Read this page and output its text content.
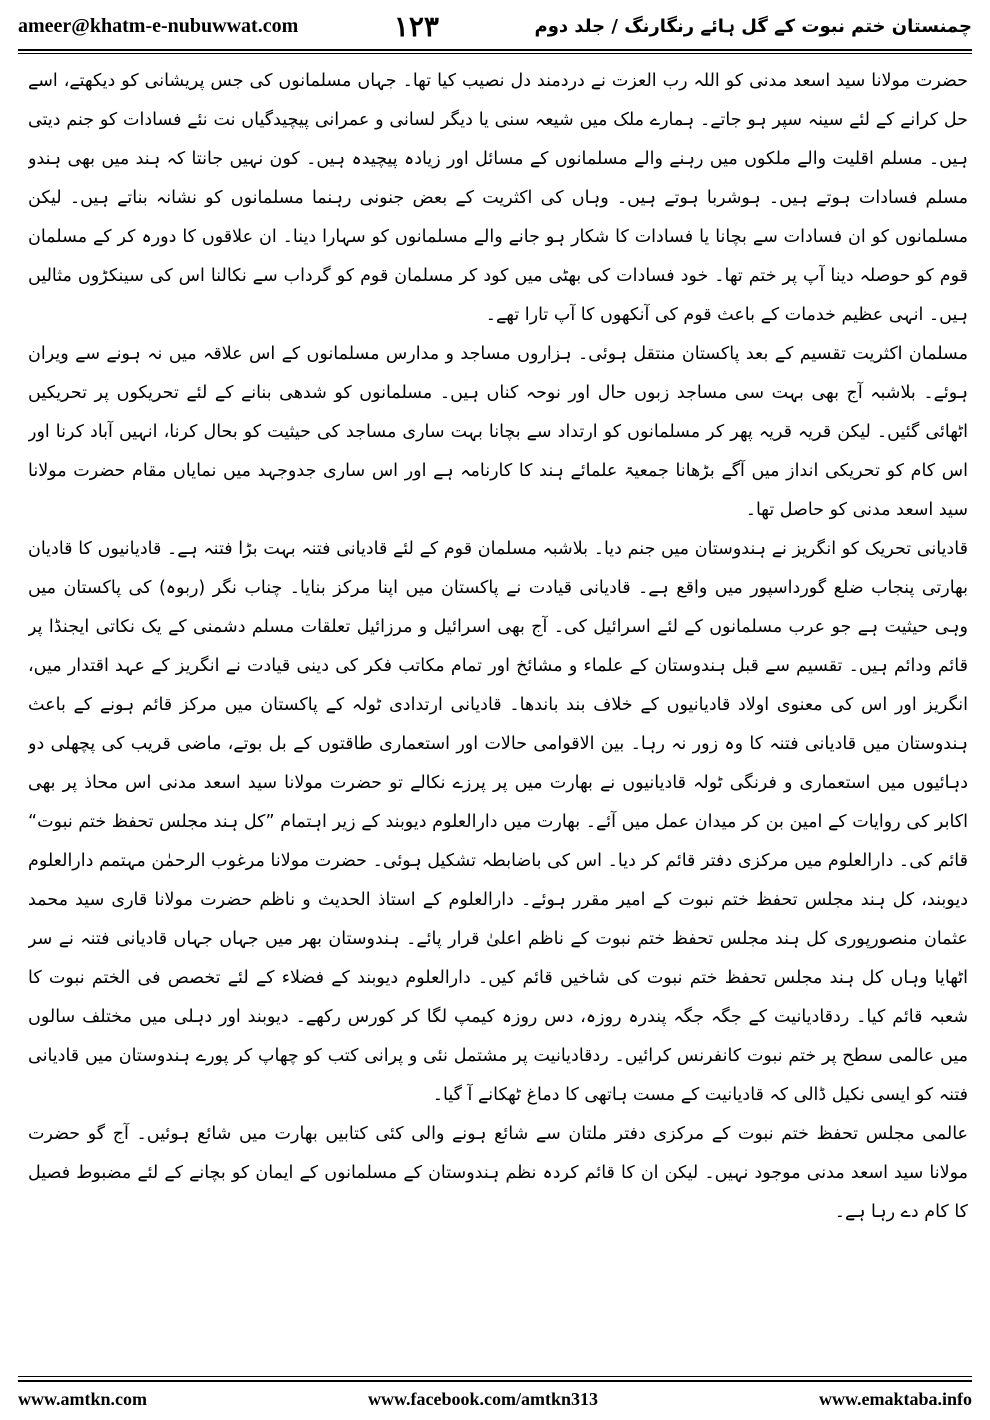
ameer@khatm-e-nubuwwat.com	۱۲۳	چمنستان ختم نبوت کے گل ہائے رنگارنگ / جلد دوم

حضرت مولانا سید اسعد مدنی کو اللہ رب العزت نے دردمند دل نصیب کیا تھا۔ جہاں مسلمانوں کی جس پریشانی کو دیکھتے، اسے حل کرانے کے لئے سینہ سپر ہو جاتے۔ ہمارے ملک میں شیعہ سنی یا دیگر لسانی و عمرانی پیچیدگیاں نت نئے فسادات کو جنم دیتی ہیں۔ مسلم اقلیت والے ملکوں میں رہنے والے مسلمانوں کے مسائل اور زیادہ پیچیدہ ہیں۔ کون نہیں جانتا کہ ہند میں بھی ہندو مسلم فسادات ہوتے ہیں۔ ہوشربا ہوتے ہیں۔ وہاں کی اکثریت کے بعض جنونی رہنما مسلمانوں کو نشانہ بناتے ہیں۔ لیکن مسلمانوں کو ان فسادات سے بچانا یا فسادات کا شکار ہو جانے والے مسلمانوں کو سہارا دینا۔ ان علاقوں کا دورہ کر کے مسلمان قوم کو حوصلہ دینا آپ پر ختم تھا۔ خود فسادات کی بھٹی میں کود کر مسلمان قوم کو گرداب سے نکالنا اس کی سینکڑوں مثالیں ہیں۔ انہی عظیم خدمات کے باعث قوم کی آنکھوں کا آپ تارا تھے۔

مسلمان اکثریت تقسیم کے بعد پاکستان منتقل ہوئی۔ ہزاروں مساجد و مدارس مسلمانوں کے اس علاقہ میں نہ ہونے سے ویران ہوئے۔ بلاشبہ آج بھی بہت سی مساجد زبوں حال اور نوحہ کناں ہیں۔ مسلمانوں کو شدھی بنانے کے لئے تحریکوں پر تحریکیں اٹھائی گئیں۔ لیکن قریہ قریہ پھر کر مسلمانوں کو ارتداد سے بچانا بہت ساری مساجد کی حیثیت کو بحال کرنا، انہیں آباد کرنا اور اس کام کو تحریکی انداز میں آگے بڑھانا جمعیۃ علمائے ہند کا کارنامہ ہے اور اس ساری جدوجہد میں نمایاں مقام حضرت مولانا سید اسعد مدنی کو حاصل تھا۔

قادیانی تحریک کو انگریز نے ہندوستان میں جنم دیا۔ بلاشبہ مسلمان قوم کے لئے قادیانی فتنہ بہت بڑا فتنہ ہے۔ قادیانیوں کا قادیان بھارتی پنجاب ضلع گورداسپور میں واقع ہے۔ قادیانی قیادت نے پاکستان میں اپنا مرکز بنایا۔ چناب نگر (ربوہ) کی پاکستان میں وہی حیثیت ہے جو عرب مسلمانوں کے لئے اسرائیل کی۔ آج بھی اسرائیل و مرزائیل تعلقات مسلم دشمنی کے یک نکاتی ایجنڈا پر قائم ودائم ہیں۔ تقسیم سے قبل ہندوستان کے علماء و مشائخ اور تمام مکاتب فکر کی دینی قیادت نے انگریز کے عہد اقتدار میں، انگریز اور اس کی معنوی اولاد قادیانیوں کے خلاف بند باندھا۔ قادیانی ارتدادی ٹولہ کے پاکستان میں مرکز قائم ہونے کے باعث ہندوستان میں قادیانی فتنہ کا وہ زور نہ رہا۔ بین الاقوامی حالات اور استعماری طاقتوں کے بل بوتے، ماضی قریب کی پچھلی دو دہائیوں میں استعماری و فرنگی ٹولہ قادیانیوں نے بھارت میں پر پرزے نکالے تو حضرت مولانا سید اسعد مدنی اس محاذ پر بھی اکابر کی روایات کے امین بن کر میدان عمل میں آئے۔ بھارت میں دارالعلوم دیوبند کے زیر اہتمام ”کل ہند مجلس تحفظ ختم نبوت“ قائم کی۔ دارالعلوم میں مرکزی دفتر قائم کر دیا۔ اس کی باضابطہ تشکیل ہوئی۔ حضرت مولانا مرغوب الرحمٰن مہتمم دارالعلوم دیوبند، کل ہند مجلس تحفظ ختم نبوت کے امیر مقرر ہوئے۔ دارالعلوم کے استاذ الحدیث و ناظم حضرت مولانا قاری سید محمد عثمان منصورپوری کل ہند مجلس تحفظ ختم نبوت کے ناظم اعلیٰ قرار پائے۔ ہندوستان بھر میں جہاں جہاں قادیانی فتنہ نے سر اٹھایا وہاں کل ہند مجلس تحفظ ختم نبوت کی شاخیں قائم کیں۔ دارالعلوم دیوبند کے فضلاء کے لئے تخصص فی الختم نبوت کا شعبہ قائم کیا۔ ردقادیانیت کے جگہ جگہ پندرہ روزہ، دس روزہ کیمپ لگا کر کورس رکھے۔ دیوبند اور دہلی میں مختلف سالوں میں عالمی سطح پر ختم نبوت کانفرنس کرائیں۔ ردقادیانیت پر مشتمل نئی و پرانی کتب کو چھاپ کر پورے ہندوستان میں قادیانی فتنہ کو ایسی نکیل ڈالی کہ قادیانیت کے مست ہاتھی کا دماغ ٹھکانے آ گیا۔

عالمی مجلس تحفظ ختم نبوت کے مرکزی دفتر ملتان سے شائع ہونے والی کئی کتابیں بھارت میں شائع ہوئیں۔ آج گو حضرت مولانا سید اسعد مدنی موجود نہیں۔ لیکن ان کا قائم کردہ نظم ہندوستان کے مسلمانوں کے ایمان کو بچانے کے لئے مضبوط فصیل کا کام دے رہا ہے۔

www.amtkn.com	www.facebook.com/amtkn313	www.emaktaba.info
